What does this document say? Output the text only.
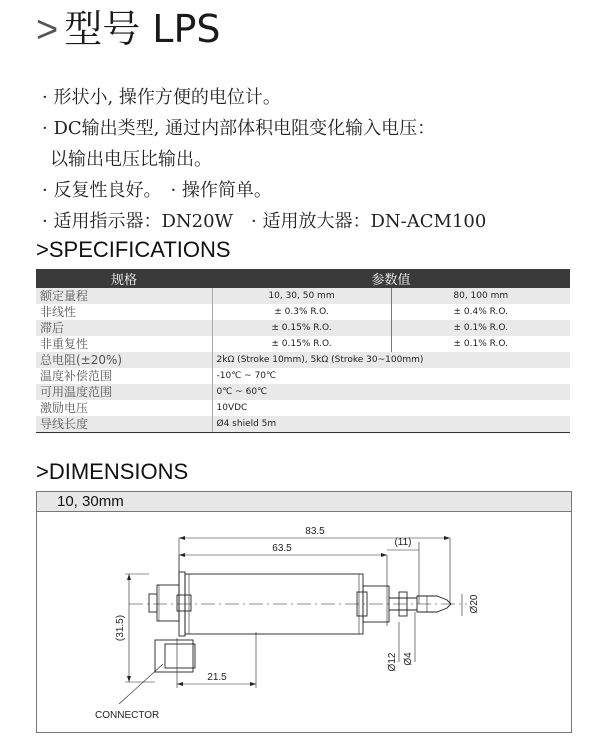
> 型号 LPS
· 形状小, 操作方便的电位计。
· DC输出类型, 通过内部体积电阻变化输入电压：
以输出电压比输出。
· 反复性良好。　· 操作简单。
· 适用指示器：DN20W　· 适用放大器：DN-ACM100
>SPECIFICATIONS
规格	参数值	
额定量程	10, 30, 50 mm	80, 100 mm
非线性	± 0.3% R.O.	± 0.4% R.O.
滞后	± 0.15% R.O.	± 0.1% R.O.
非重复性	± 0.15% R.O.	± 0.1% R.O.
总电阻(±20%)	2kΩ (Stroke 10mm), 5kΩ (Stroke 30~100mm)	
温度补偿范围	-10℃ ~ 70℃	
可用温度范围	0℃ ~ 60℃	
激励电压	10VDC	
导线长度	Ø4 shield 5m	
>DIMENSIONS
10, 30mm
83.5
63.5
(11)
21.5
(31.5)
Ø12 Ø4
Ø20
CONNECTOR
